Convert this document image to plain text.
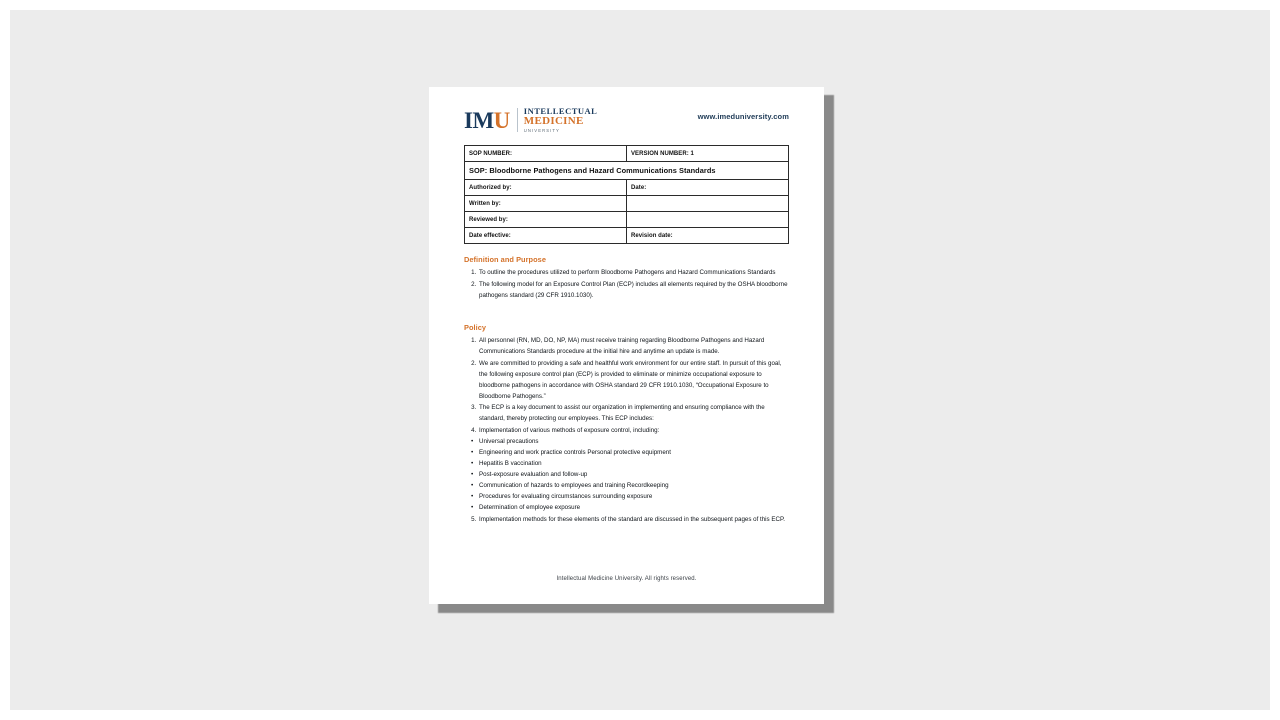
IMU INTELLECTUAL
MEDICINE
UNIVERSITY
www.imeduniversity.com
SOP NUMBER:	VERSION NUMBER: 1
SOP: Bloodborne Pathogens and Hazard Communications Standards	
Authorized by:	Date:
Written by:	
Reviewed by:	
Date effective:	Revision date:
Definition and Purpose
1. To outline the procedures utilized to perform Bloodborne Pathogens and Hazard Communications Standards
2. The following model for an Exposure Control Plan (ECP) includes all elements required by the OSHA bloodborne pathogens standard (29 CFR 1910.1030).
Policy
1. All personnel (RN, MD, DO, NP, MA) must receive training regarding Bloodborne Pathogens and Hazard Communications Standards procedure at the initial hire and anytime an update is made.
2. We are committed to providing a safe and healthful work environment for our entire staff. In pursuit of this goal, the following exposure control plan (ECP) is provided to eliminate or minimize occupational exposure to bloodborne pathogens in accordance with OSHA standard 29 CFR 1910.1030, “Occupational Exposure to Bloodborne Pathogens.”
3. The ECP is a key document to assist our organization in implementing and ensuring compliance with the standard, thereby protecting our employees. This ECP includes:
4. Implementation of various methods of exposure control, including:
• Universal precautions
• Engineering and work practice controls Personal protective equipment
• Hepatitis B vaccination
• Post-exposure evaluation and follow-up
• Communication of hazards to employees and training Recordkeeping
• Procedures for evaluating circumstances surrounding exposure
• Determination of employee exposure
5. Implementation methods for these elements of the standard are discussed in the subsequent pages of this ECP.
Intellectual Medicine University. All rights reserved.
